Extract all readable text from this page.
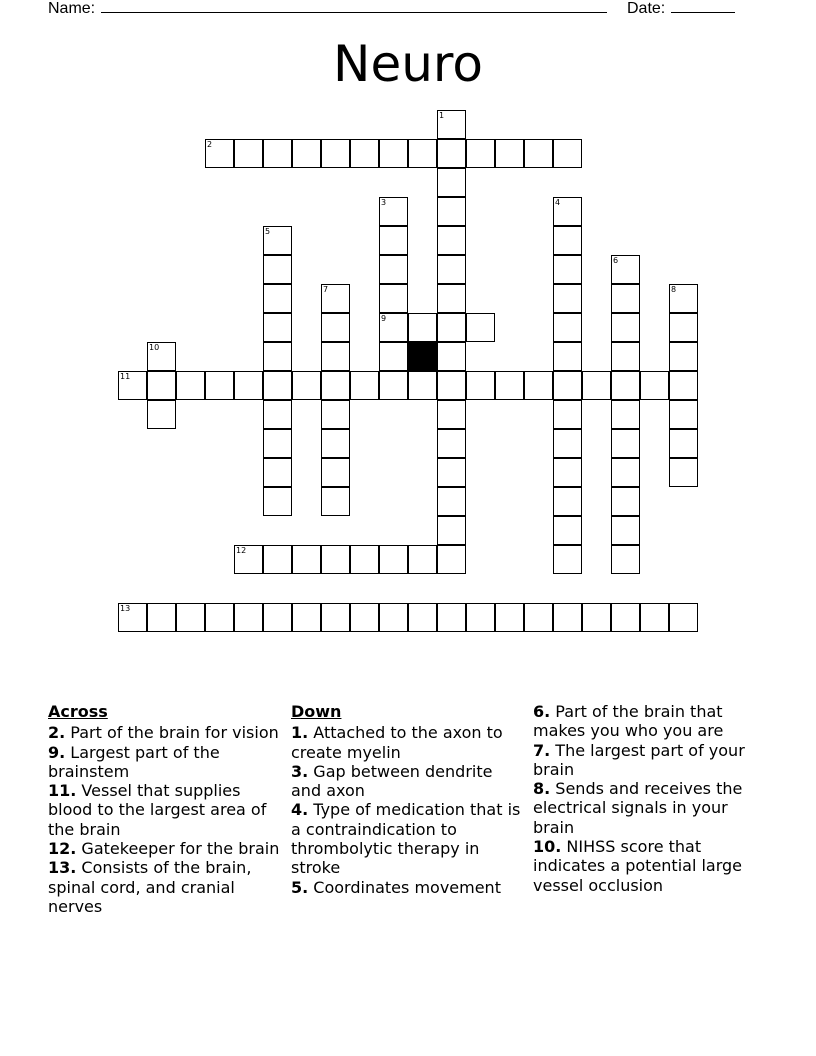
Name:	Date:
Neuro
1
2
3
9
4
5
6
7	8
10
11
12
13
Across
2. Part of the brain for vision
9. Largest part of the brainstem
11. Vessel that supplies blood to the largest area of the brain
12. Gatekeeper for the brain
13. Consists of the brain, spinal cord, and cranial nerves
Down
1. Attached to the axon to create myelin
3. Gap between dendrite and axon
4. Type of medication that is a contraindication to thrombolytic therapy in stroke
5. Coordinates movement
6. Part of the brain that makes you who you are
7. The largest part of your brain
8. Sends and receives the electrical signals in your brain
10. NIHSS score that indicates a potential large vessel occlusion
